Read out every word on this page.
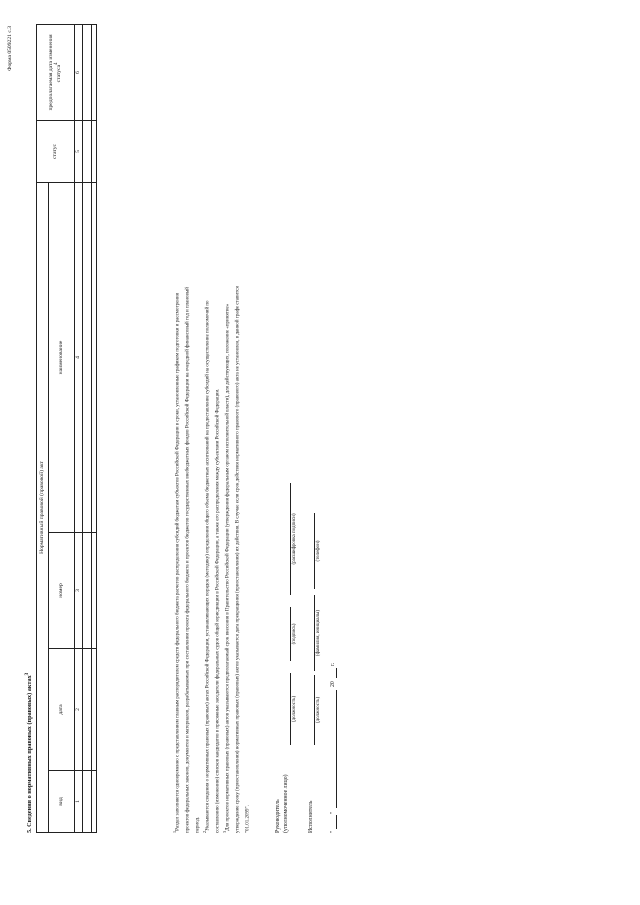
Форма 0509221 с.3
5. Сведения о нормативных правовых (правовых) актах$^3$
Нормативный правовой (правовой) акт				статус	предполагаемая дата изменения статуса$^4$
вид	дата	номер	наименование		
1	2	3	4	5	6

$^1$Раздел заполняется одновременно с представлением главным распорядителем средств федерального бюджета расчетов распределения субсидий бюджетам субъектов Российской Федерации в сроки, установленные графиком подготовки и рассмотрения	проектов федеральных законов, документов и материалов, разрабатываемых при составлении проекта федерального бюджета и проектов бюджетов государственных внебюджетных фондов Российской Федерации на очередной финансовый год и плановый	период. $^2$Указываются сведения о нормативных правовых (правовых) актах Российской Федерации, устанавливающих порядок (методику) определения общего объема бюджетных ассигнований на предоставление субсидий на осуществление полномочий по	составлению (изменению) списков кандидатов в присяжные заседатели федеральных судов общей юрисдикции в Российской Федерации, а также его распределения между субъектами Российской Федерации. $^3$Для проектов нормативных правовых (правовых) актов указываются предполагаемый срок внесения в Правительство Российской Федерации (утверждения федеральным органом исполнительной власти), для действующих, положение «принятие»	утверждение сроку (приостановления) нормативных правовых (правовых) актов указывается дата прекращения (приостановления) их действия. В случае если срок действия нормативного правового (правового) акта не установлен, в данной графе ставится	"01.01.2099".	Руководитель (уполномоченное лицо)
(должность)
(подпись)
(расшифровка подписи)
Исполнитель
(должность)
(фамилия, инициалы)
(телефон)
"
"
20
г.
